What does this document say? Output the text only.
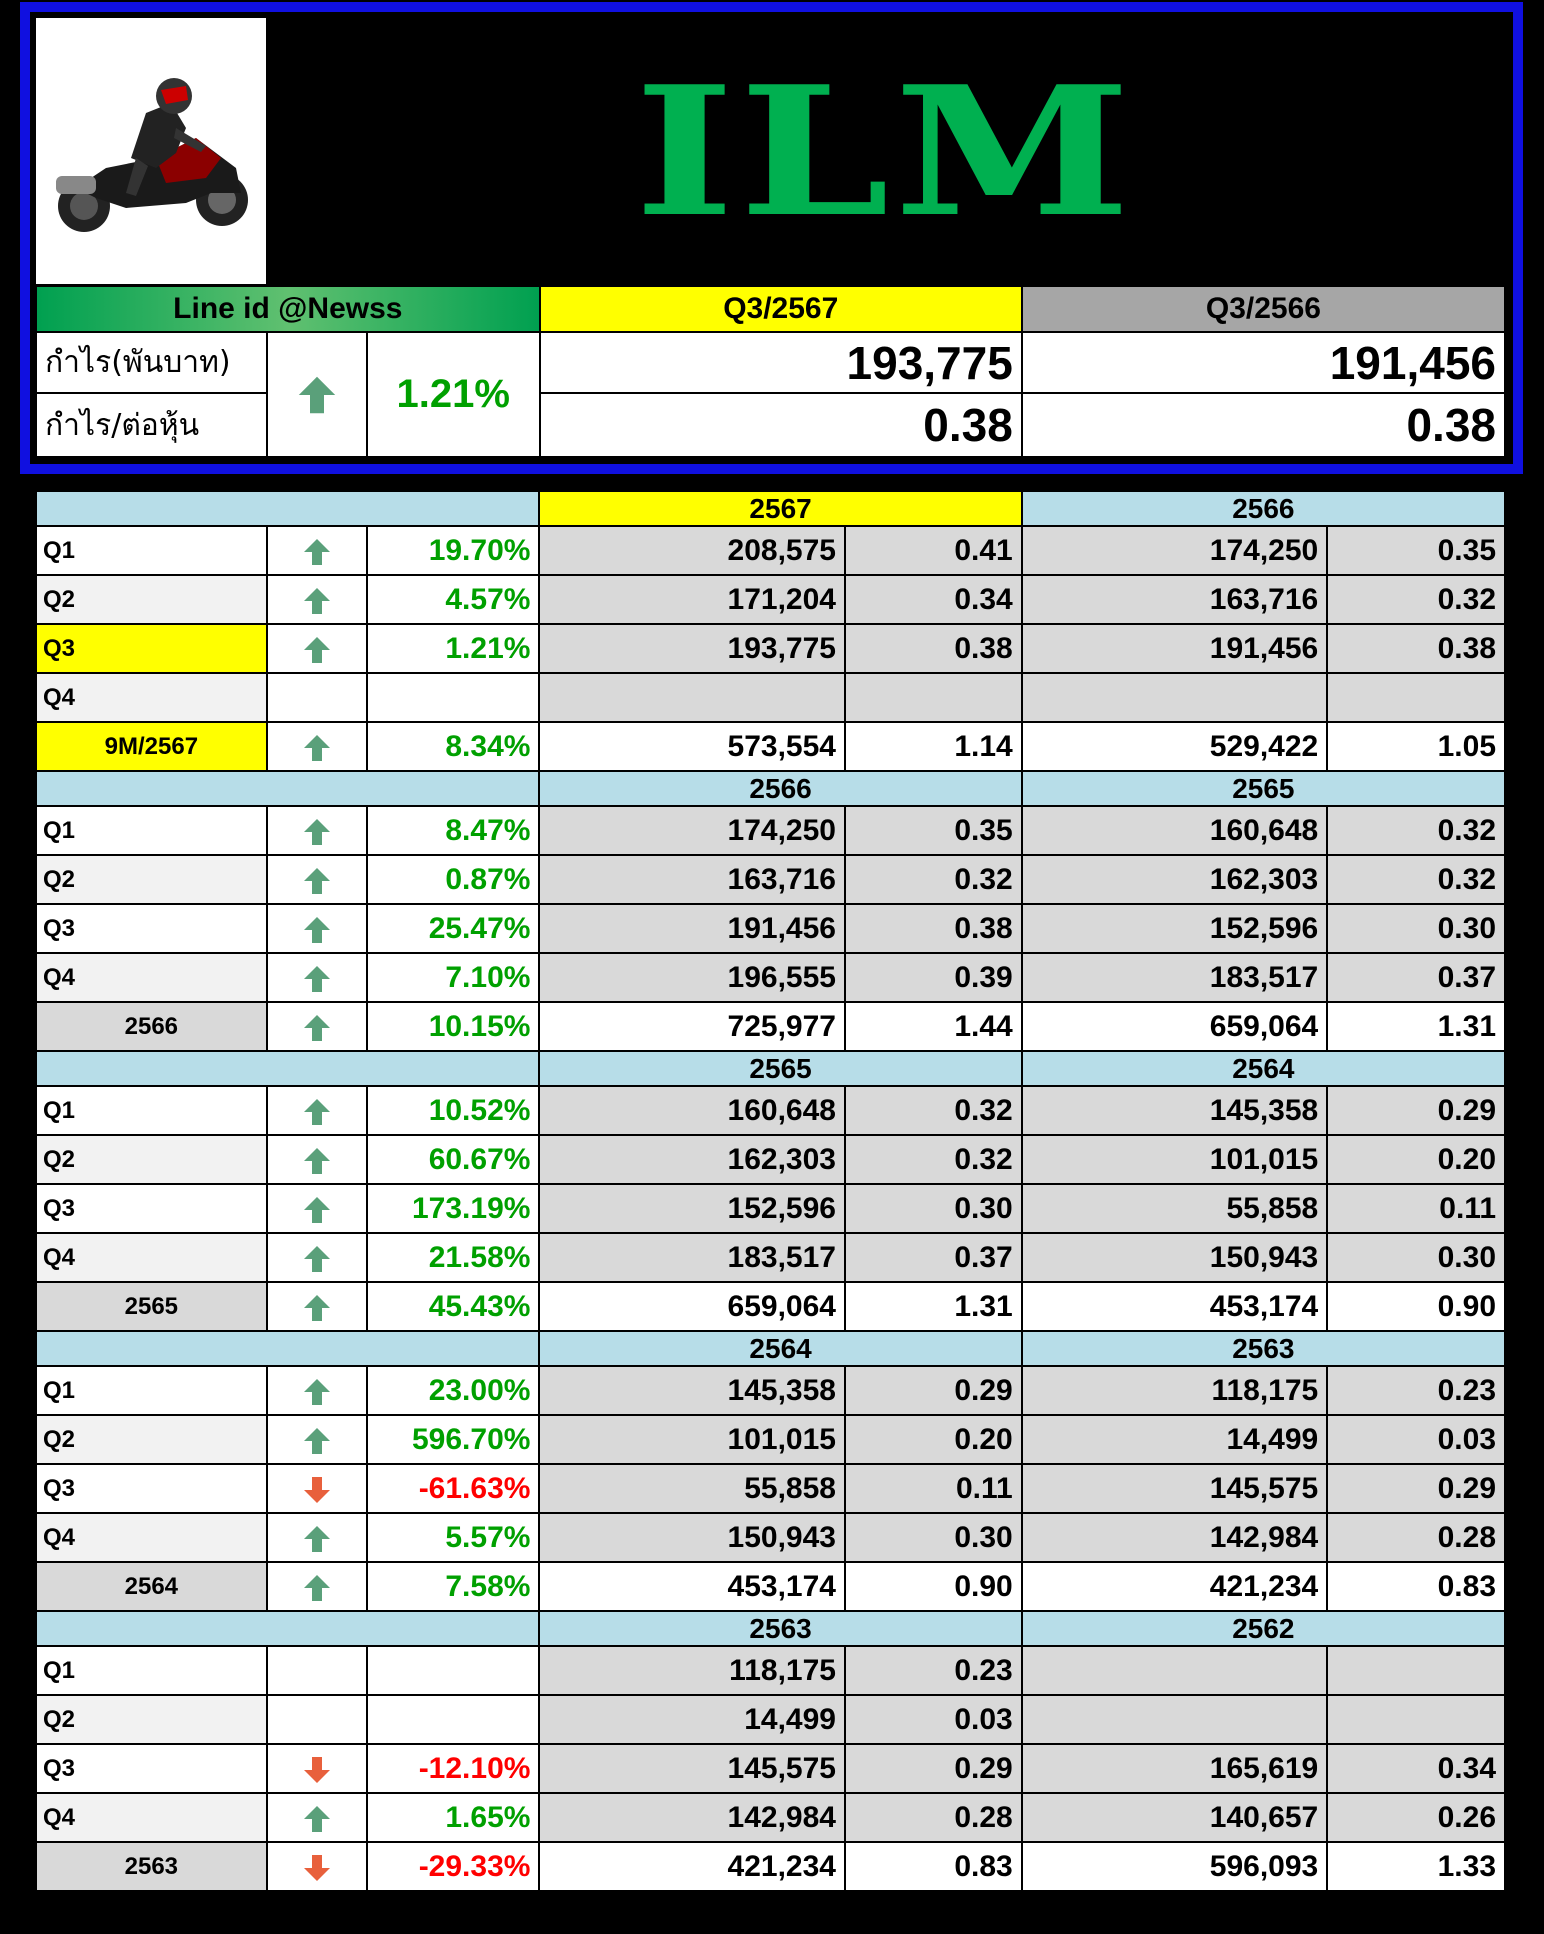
ILM
Line id @Newss			Q3/2567	Q3/2566
กำไร(พันบาท)		1.21%	193,775	191,456
กำไร/ต่อหุ้น			0.38	0.38
			2567		2566	
Q1		19.70%	208,575	0.41	174,250	0.35
Q2		4.57%	171,204	0.34	163,716	0.32
Q3		1.21%	193,775	0.38	191,456	0.38
Q4						
9M/2567		8.34%	573,554	1.14	529,422	1.05
			2566		2565	
Q1		8.47%	174,250	0.35	160,648	0.32
Q2		0.87%	163,716	0.32	162,303	0.32
Q3		25.47%	191,456	0.38	152,596	0.30
Q4		7.10%	196,555	0.39	183,517	0.37
2566		10.15%	725,977	1.44	659,064	1.31
			2565		2564	
Q1		10.52%	160,648	0.32	145,358	0.29
Q2		60.67%	162,303	0.32	101,015	0.20
Q3		173.19%	152,596	0.30	55,858	0.11
Q4		21.58%	183,517	0.37	150,943	0.30
2565		45.43%	659,064	1.31	453,174	0.90
			2564		2563	
Q1		23.00%	145,358	0.29	118,175	0.23
Q2		596.70%	101,015	0.20	14,499	0.03
Q3		-61.63%	55,858	0.11	145,575	0.29
Q4		5.57%	150,943	0.30	142,984	0.28
2564		7.58%	453,174	0.90	421,234	0.83
			2563		2562	
Q1			118,175	0.23		
Q2			14,499	0.03		
Q3		-12.10%	145,575	0.29	165,619	0.34
Q4		1.65%	142,984	0.28	140,657	0.26
2563		-29.33%	421,234	0.83	596,093	1.33
